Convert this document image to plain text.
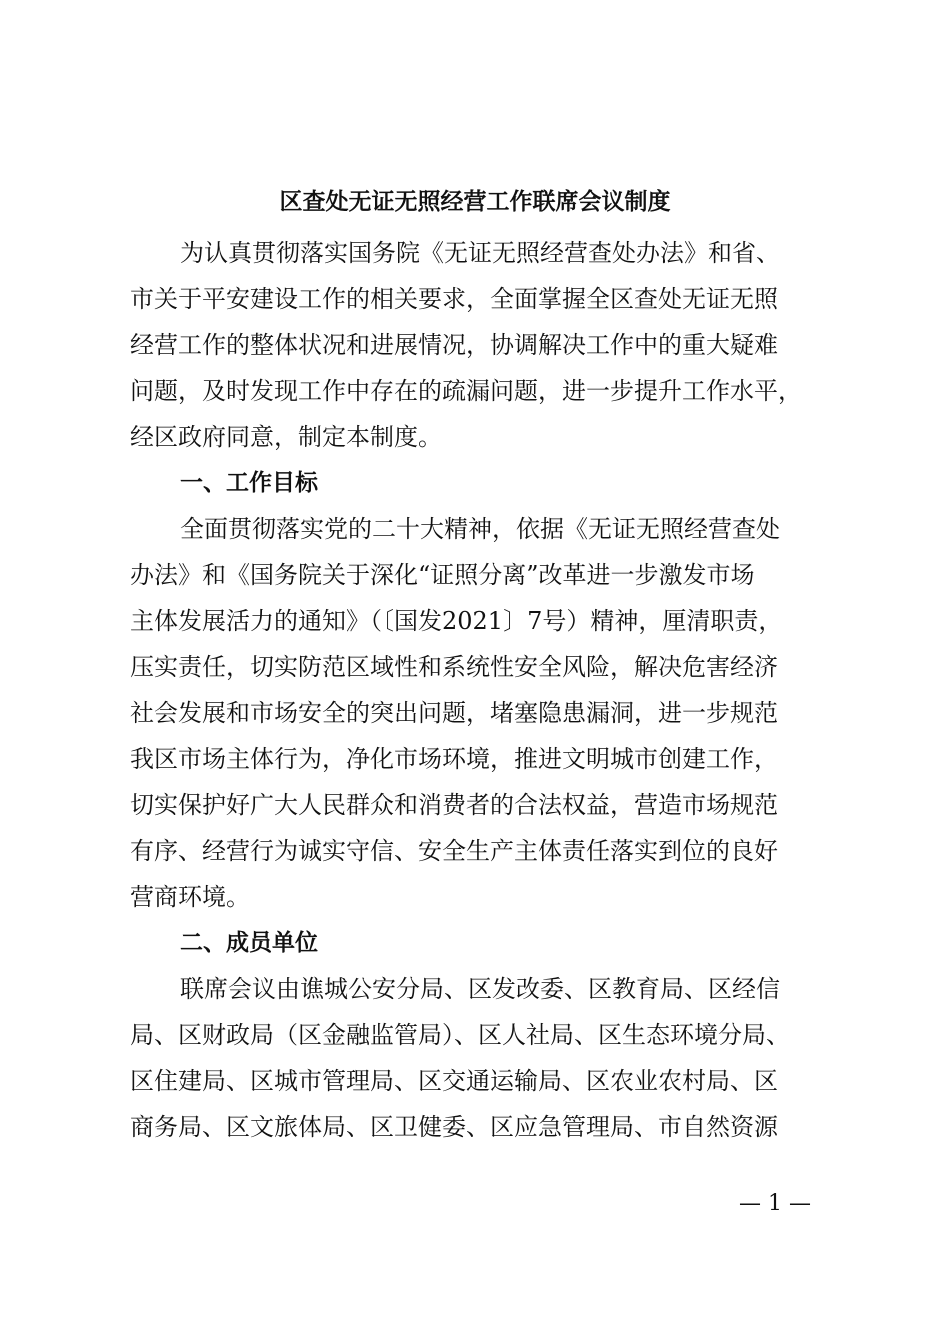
区查处无证无照经营工作联席会议制度
为认真贯彻落实国务院《无证无照经营查处办法》和省、
市关于平安建设工作的相关要求，全面掌握全区查处无证无照
经营工作的整体状况和进展情况，协调解决工作中的重大疑难
问题，及时发现工作中存在的疏漏问题，进一步提升工作水平，
经区政府同意，制定本制度。
一、工作目标
全面贯彻落实党的二十大精神，依据《无证无照经营查处
办法》和《国务院关于深化“证照分离”改革进一步激发市场
主体发展活力的通知》（〔国发2021〕7号）精神，厘清职责，
压实责任，切实防范区域性和系统性安全风险，解决危害经济
社会发展和市场安全的突出问题，堵塞隐患漏洞，进一步规范
我区市场主体行为，净化市场环境，推进文明城市创建工作，
切实保护好广大人民群众和消费者的合法权益，营造市场规范
有序、经营行为诚实守信、安全生产主体责任落实到位的良好
营商环境。
二、成员单位
联席会议由谯城公安分局、区发改委、区教育局、区经信
局、区财政局（区金融监管局）、区人社局、区生态环境分局、
区住建局、区城市管理局、区交通运输局、区农业农村局、区
商务局、区文旅体局、区卫健委、区应急管理局、市自然资源
— 1 —
